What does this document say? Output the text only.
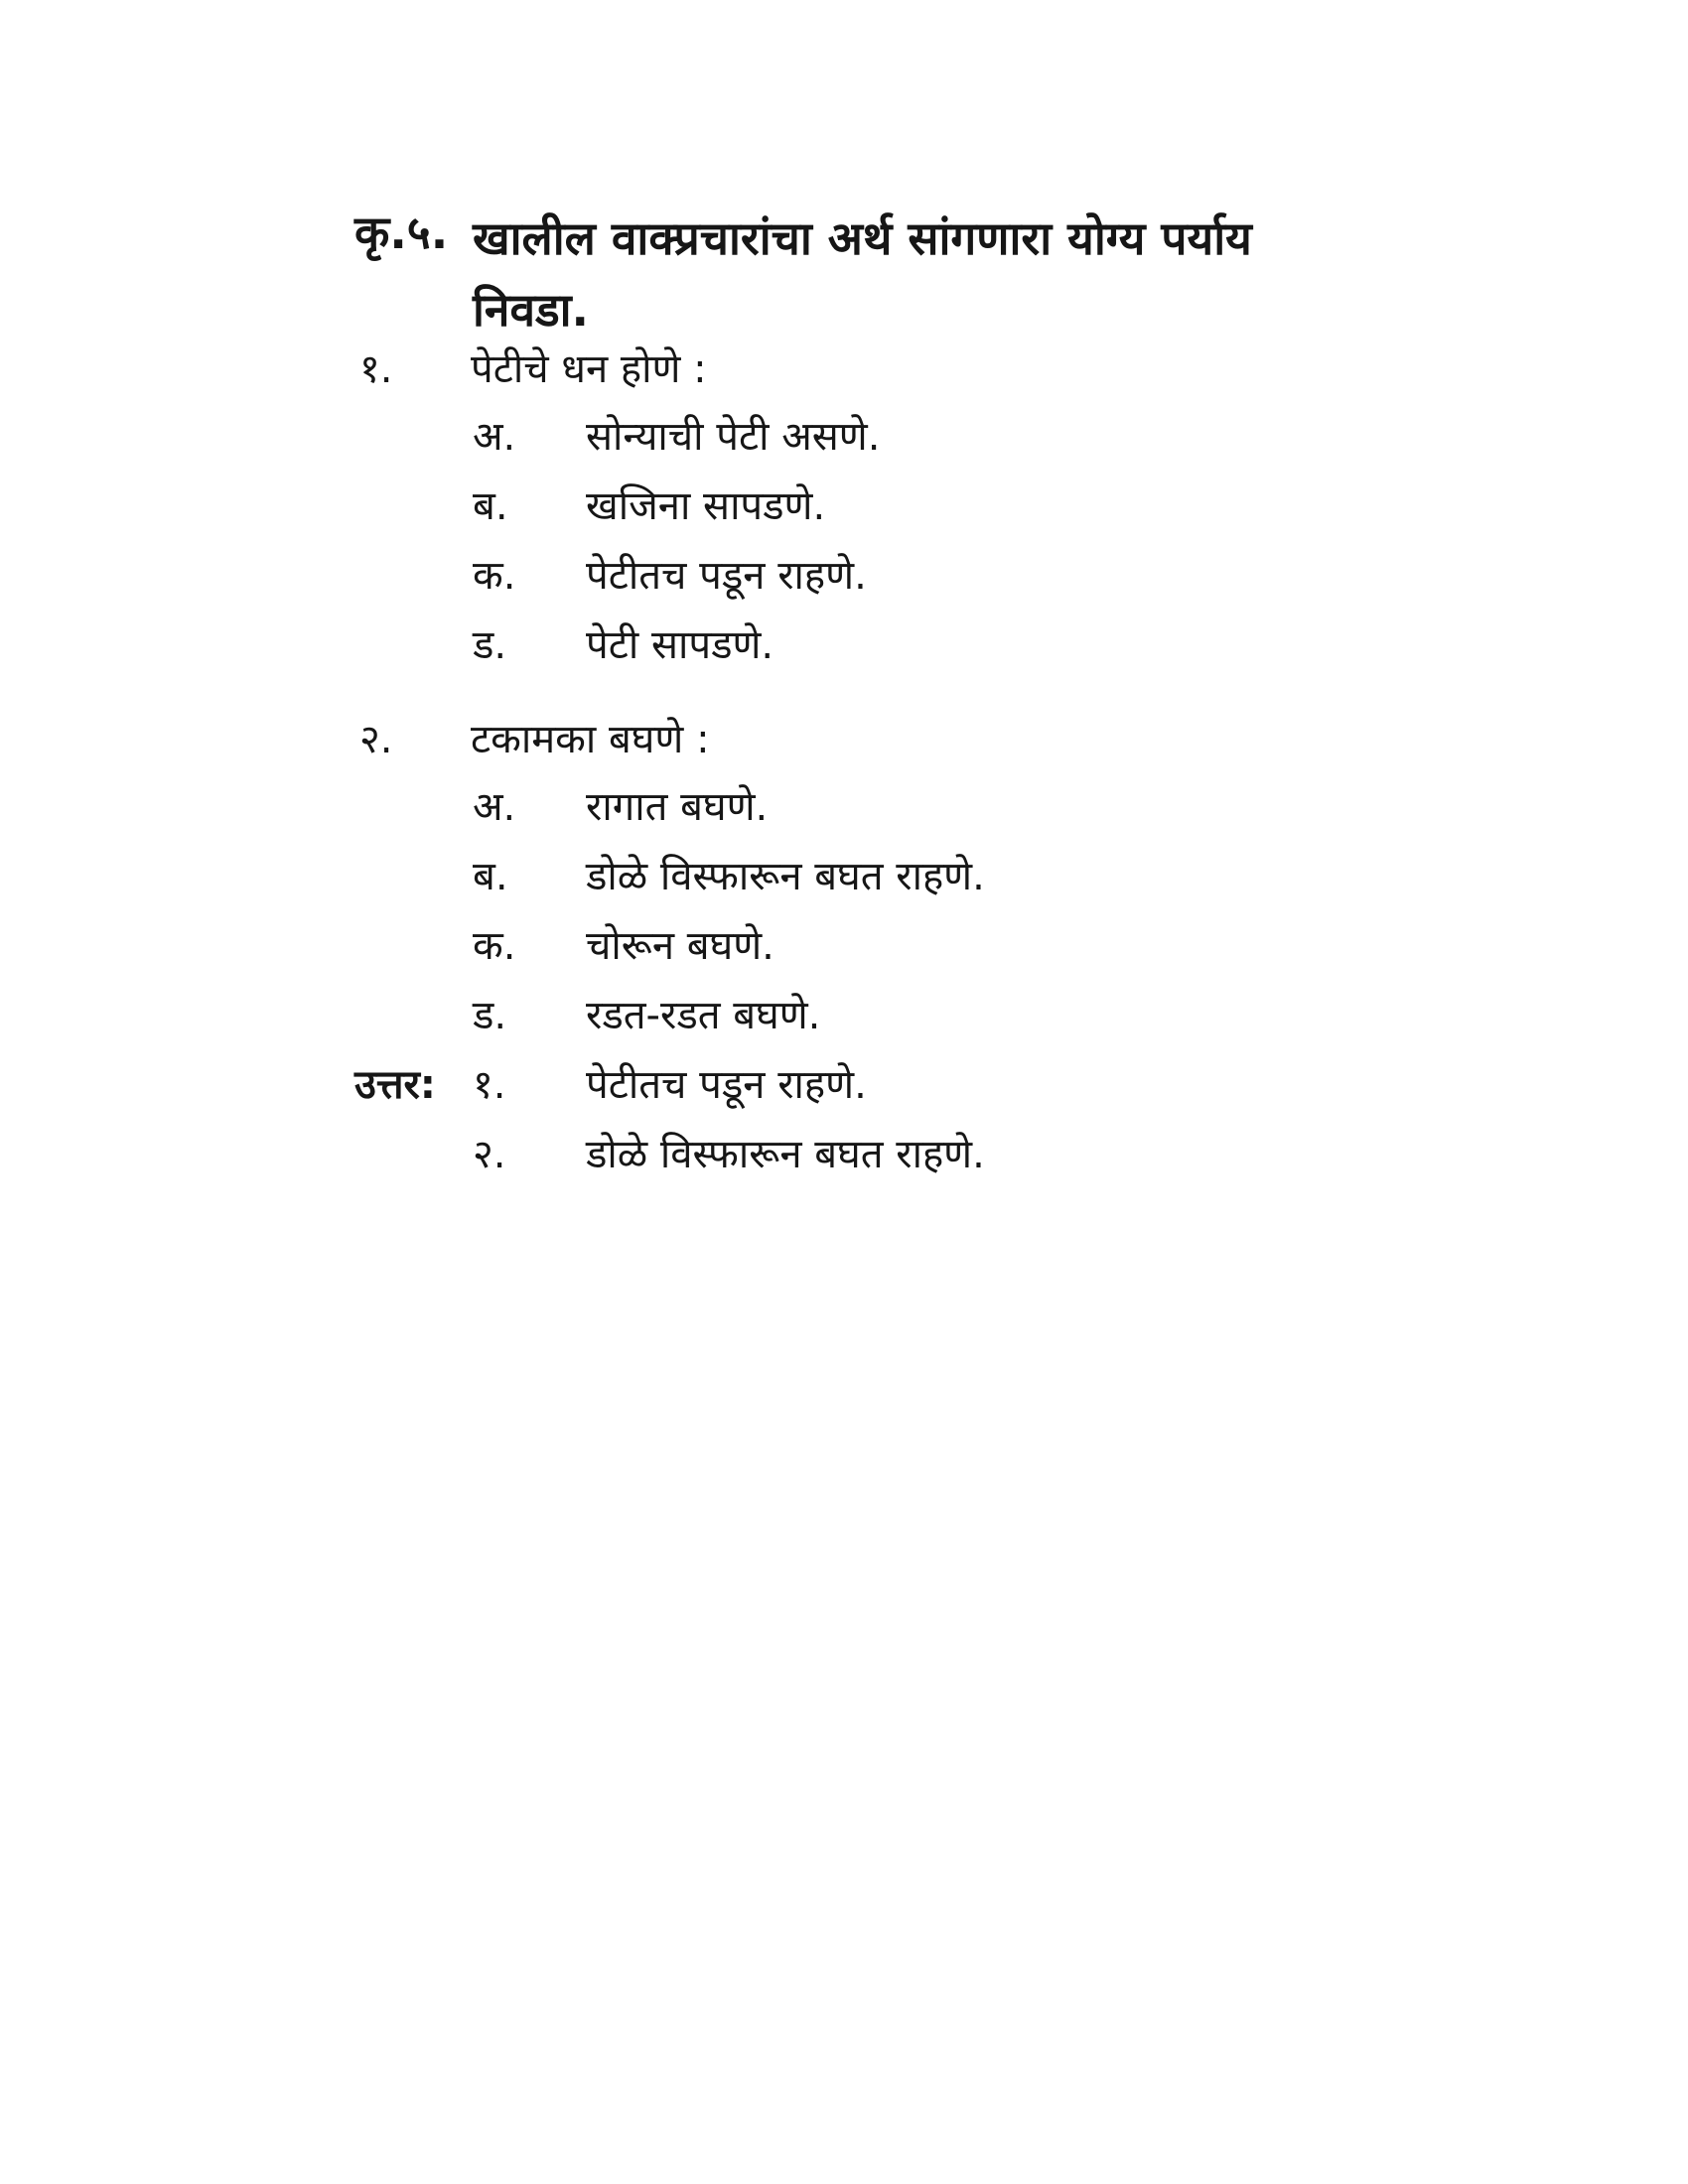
कृ.५. खालील वाक्प्रचारांचा अर्थ सांगणारा योग्य पर्याय निवडा.
१. पेटीचे धन होणे :
अ. सोन्याची पेटी असणे.
ब. खजिना सापडणे.
क. पेटीतच पडून राहणे.
ड. पेटी सापडणे.
२. टकामका बघणे :
अ. रागात बघणे.
ब. डोळे विस्फारून बघत राहणे.
क. चोरून बघणे.
ड. रडत-रडत बघणे.
उत्तर: १. पेटीतच पडून राहणे.
२. डोळे विस्फारून बघत राहणे.
